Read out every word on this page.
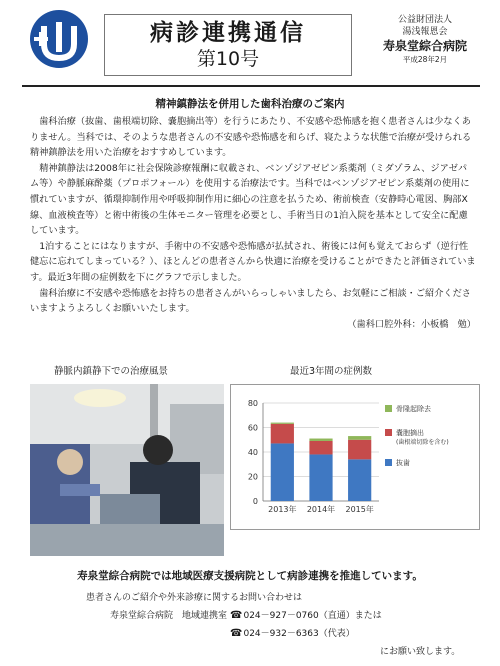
病診連携通信
第10号
公益財団法人
湯浅報恩会
寿泉堂綜合病院
平成28年2月
精神鎮静法を併用した歯科治療のご案内

歯科治療（抜歯、歯根端切除、嚢胞摘出等）を行うにあたり、不安感や恐怖感を抱く患者さんは少なくありません。当科では、そのような患者さんの不安感や恐怖感を和らげ、寝たような状態で治療が受けられる精神鎮静法を用いた治療をおすすめしています。

精神鎮静法は2008年に社会保険診療報酬に収載され、ベンゾジアゼピン系薬剤（ミダゾラム、ジアゼパム等）や静脈麻酔薬（プロポフォール）を使用する治療法です。当科ではベンゾジアゼピン系薬剤の使用に慣れていますが、循環抑制作用や呼吸抑制作用に細心の注意を払うため、術前検査（安静時心電図、胸部X線、血液検査等）と術中術後の生体モニター管理を必要とし、手術当日の1泊入院を基本として安全に配慮しています。

1泊することにはなりますが、手術中の不安感や恐怖感が払拭され、術後には何も覚えておらず（逆行性健忘に忘れてしまっている？）、ほとんどの患者さんから快適に治療を受けることができたと評価されています。最近3年間の症例数を下にグラフで示しました。

歯科治療に不安感や恐怖感をお持ちの患者さんがいらっしゃいましたら、お気軽にご相談・ご紹介くださいますようよろしくお願いいたします。
（歯科口腔外科：小板橋　勉）

静脈内鎮静下での治療風景	最近3年間の症例数
0
20
40
60
80
2013年 2014年 2015年
骨隆起除去
嚢胞摘出
(歯根端切除を含む)
抜歯
寿泉堂綜合病院では地域医療支援病院として病診連携を推進しています。
患者さんのご紹介や外来診療に関するお問い合わせは
寿泉堂綜合病院　地域連携室 ☎024－927－0760（直通）または
☎024－932－6363（代表）
にお願い致します。
